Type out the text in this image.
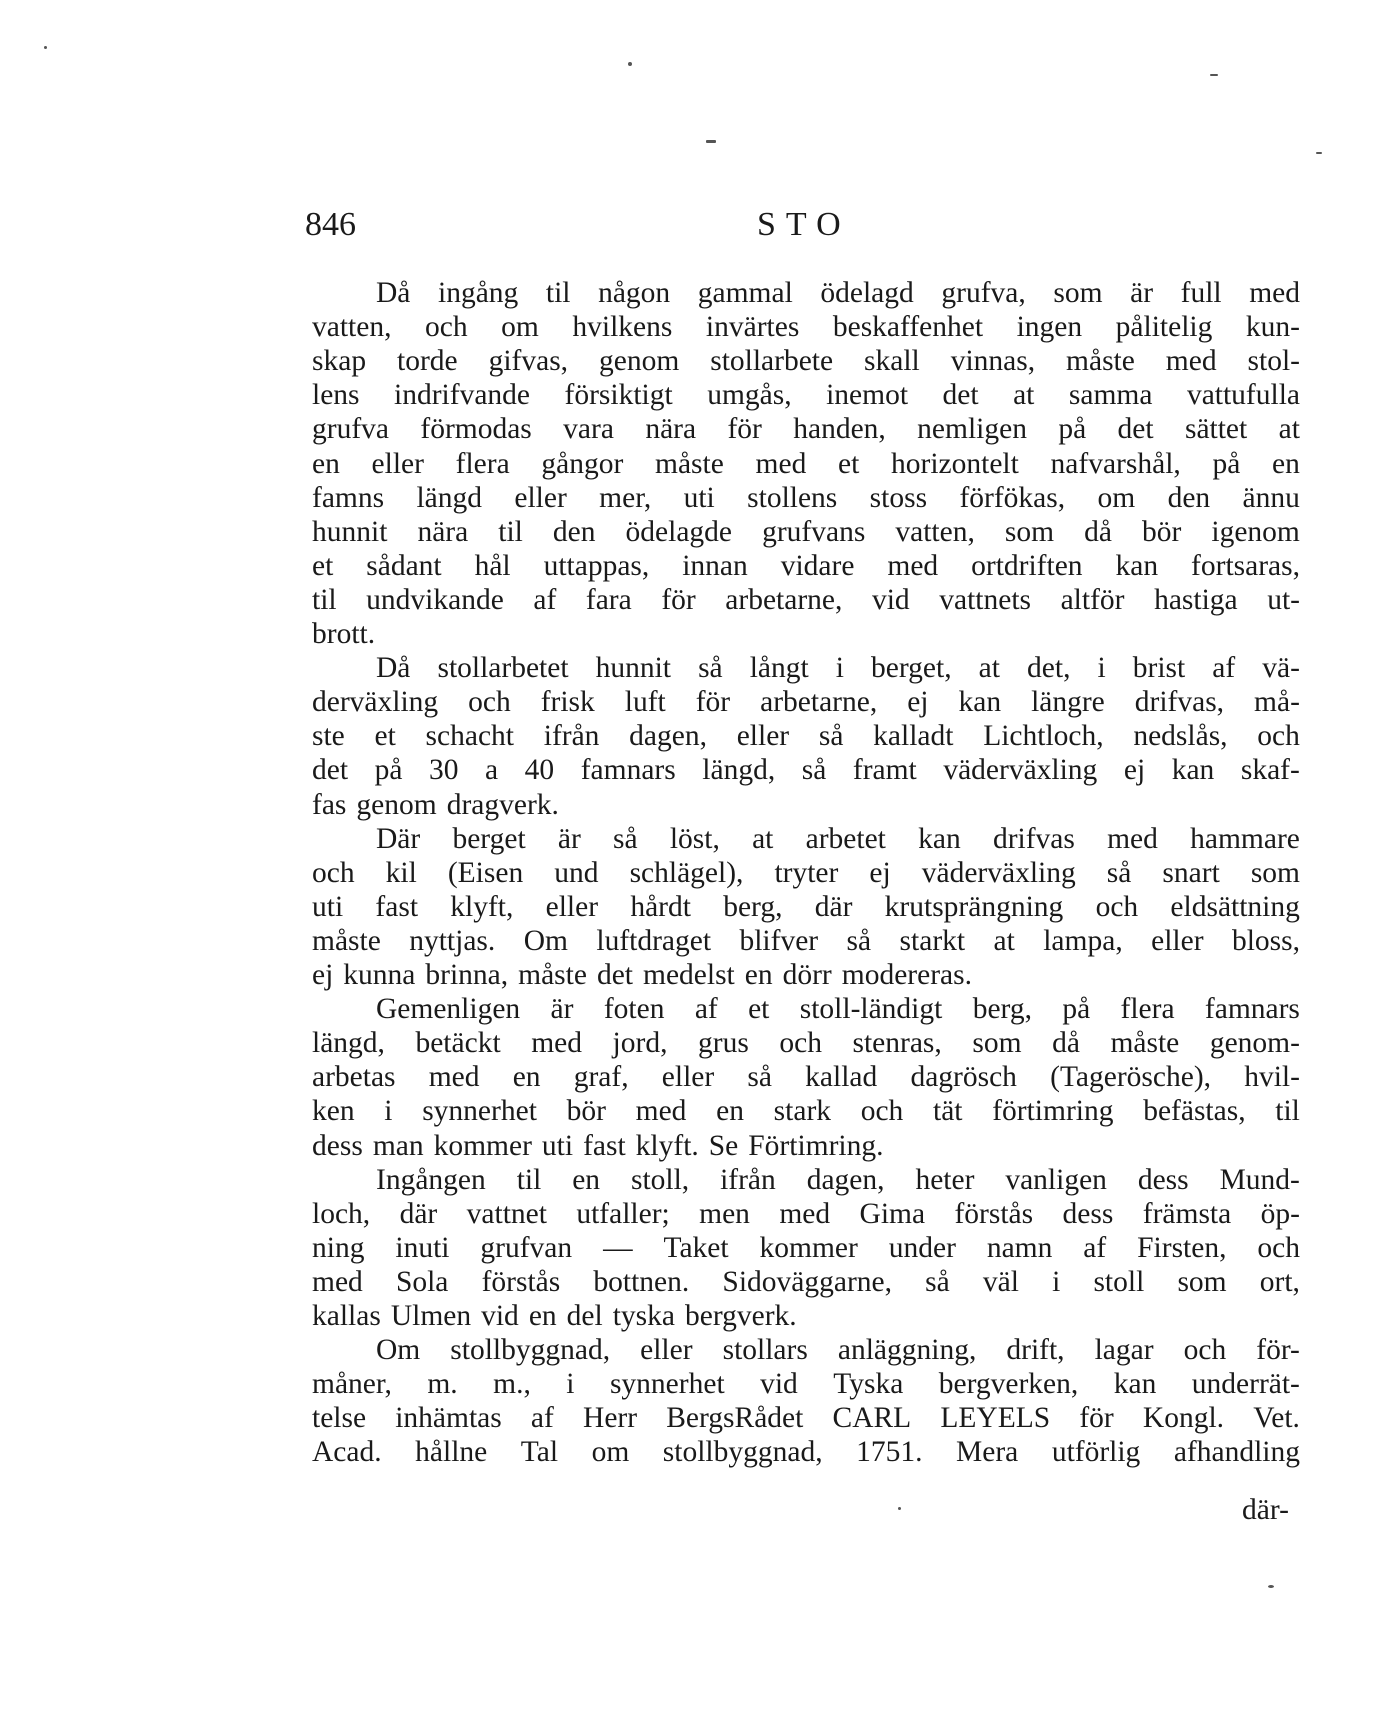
846	STO
Då ingång til någon gammal ödelagd grufva, som är full med
vatten, och om hvilkens invärtes beskaffenhet ingen pålitelig kun-
skap torde gifvas, genom stollarbete skall vinnas, måste med stol-
lens indrifvande försiktigt umgås, inemot det at samma vattufulla
grufva förmodas vara nära för handen, nemligen på det sättet at
en eller flera gångor måste med et horizontelt nafvarshål, på en
famns längd eller mer, uti stollens stoss förfökas, om den ännu
hunnit nära til den ödelagde grufvans vatten, som då bör igenom
et sådant hål uttappas, innan vidare med ortdriften kan fortsaras,
til undvikande af fara för arbetarne, vid vattnets altför hastiga ut-
brott.
Då stollarbetet hunnit så långt i berget, at det, i brist af vä-
derväxling och frisk luft för arbetarne, ej kan längre drifvas, må-
ste et schacht ifrån dagen, eller så kalladt Lichtloch, nedslås, och
det på 30 a 40 famnars längd, så framt väderväxling ej kan skaf-
fas genom dragverk.
Där berget är så löst, at arbetet kan drifvas med hammare
och kil (Eisen und schlägel), tryter ej väderväxling så snart som
uti fast klyft, eller hårdt berg, där krutsprängning och eldsättning
måste nyttjas. Om luftdraget blifver så starkt at lampa, eller bloss,
ej kunna brinna, måste det medelst en dörr modereras.
Gemenligen är foten af et stoll-ländigt berg, på flera famnars
längd, betäckt med jord, grus och stenras, som då måste genom-
arbetas med en graf, eller så kallad dagrösch (Tagerösche), hvil-
ken i synnerhet bör med en stark och tät förtimring befästas, til
dess man kommer uti fast klyft. Se Förtimring.
Ingången til en stoll, ifrån dagen, heter vanligen dess Mund-
loch, där vattnet utfaller; men med Gima förstås dess främsta öp-
ning inuti grufvan — Taket kommer under namn af Firsten, och
med Sola förstås bottnen. Sidoväggarne, så väl i stoll som ort,
kallas Ulmen vid en del tyska bergverk.
Om stollbyggnad, eller stollars anläggning, drift, lagar och för-
måner, m. m., i synnerhet vid Tyska bergverken, kan underrät-
telse inhämtas af Herr BergsRådet CARL LEYELS för Kongl. Vet.
Acad. hållne Tal om stollbyggnad, 1751. Mera utförlig afhandling
där-
